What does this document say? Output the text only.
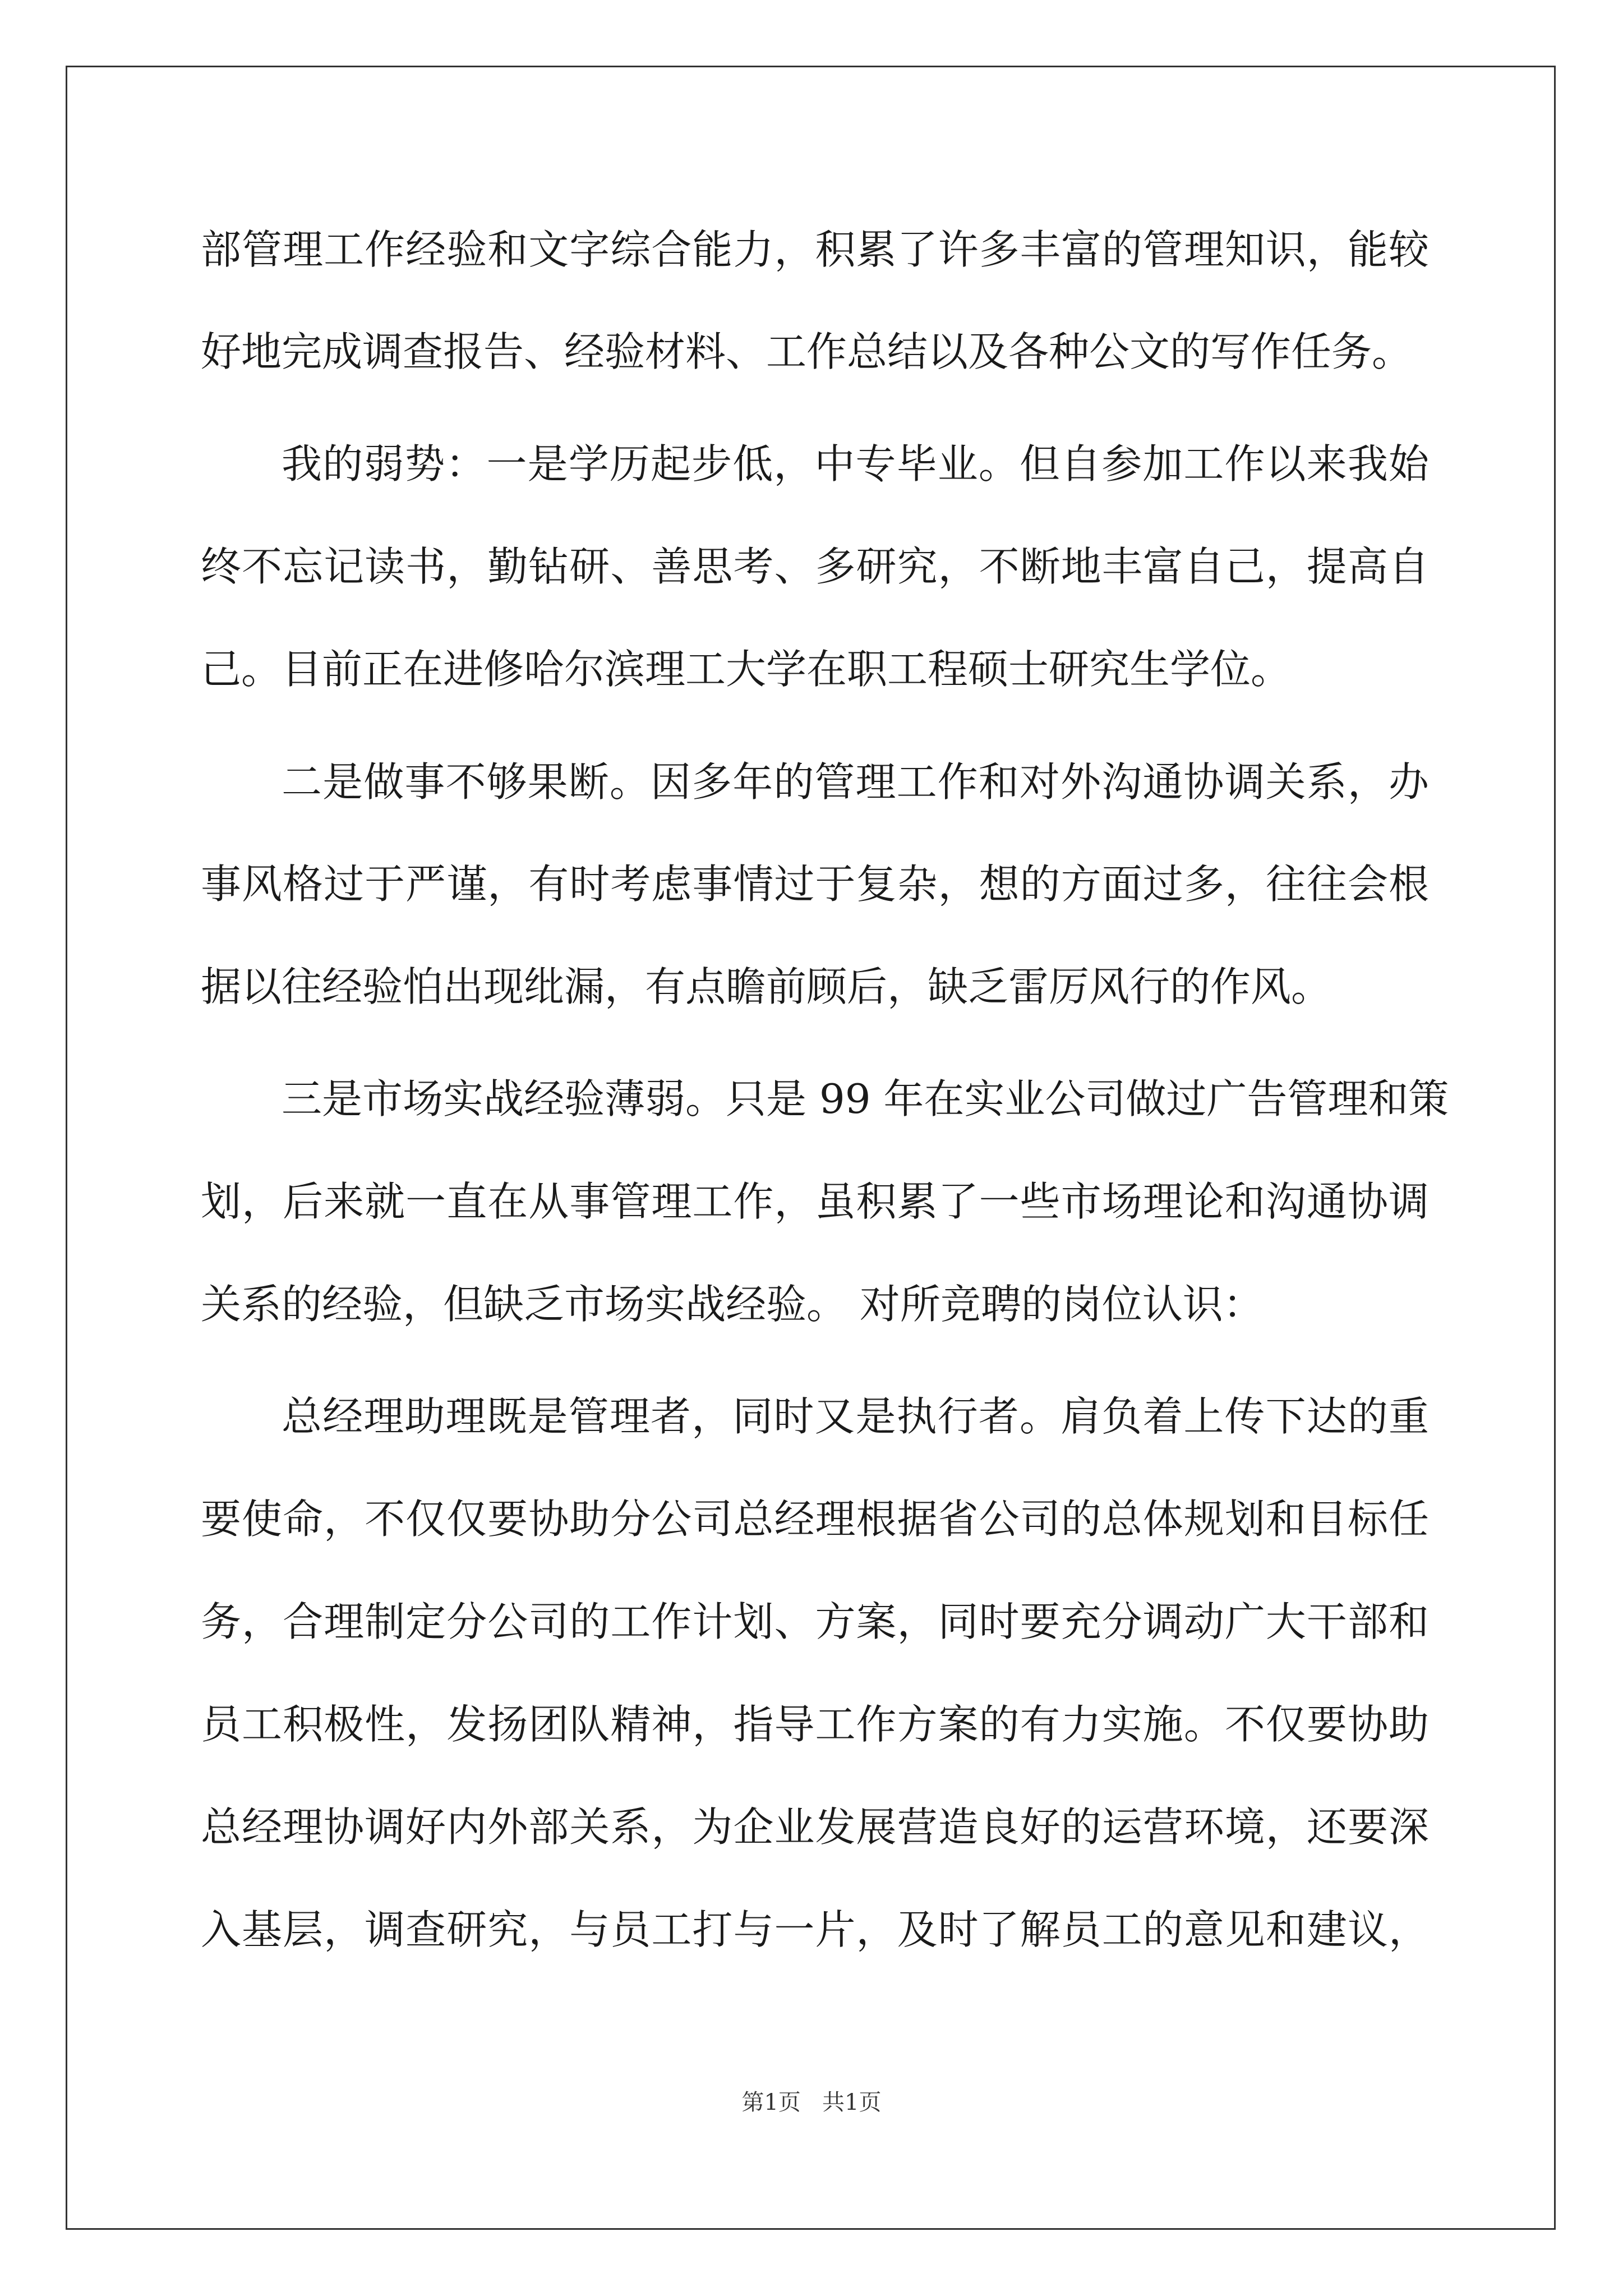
部管理工作经验和文字综合能力，积累了许多丰富的管理知识，能较
好地完成调查报告、经验材料、工作总结以及各种公文的写作任务。
我的弱势：一是学历起步低，中专毕业。但自参加工作以来我始
终不忘记读书，勤钻研、善思考、多研究，不断地丰富自己，提高自
己。目前正在进修哈尔滨理工大学在职工程硕士研究生学位。
二是做事不够果断。因多年的管理工作和对外沟通协调关系，办
事风格过于严谨，有时考虑事情过于复杂，想的方面过多，往往会根
据以往经验怕出现纰漏，有点瞻前顾后，缺乏雷厉风行的作风。
三是市场实战经验薄弱。只是 99 年在实业公司做过广告管理和策
划，后来就一直在从事管理工作，虽积累了一些市场理论和沟通协调
关系的经验，但缺乏市场实战经验。 对所竞聘的岗位认识：
总经理助理既是管理者，同时又是执行者。肩负着上传下达的重
要使命，不仅仅要协助分公司总经理根据省公司的总体规划和目标任
务，合理制定分公司的工作计划、方案，同时要充分调动广大干部和
员工积极性，发扬团队精神，指导工作方案的有力实施。不仅要协助
总经理协调好内外部关系，为企业发展营造良好的运营环境，还要深
入基层，调查研究，与员工打与一片，及时了解员工的意见和建议，
第1页   共1页
